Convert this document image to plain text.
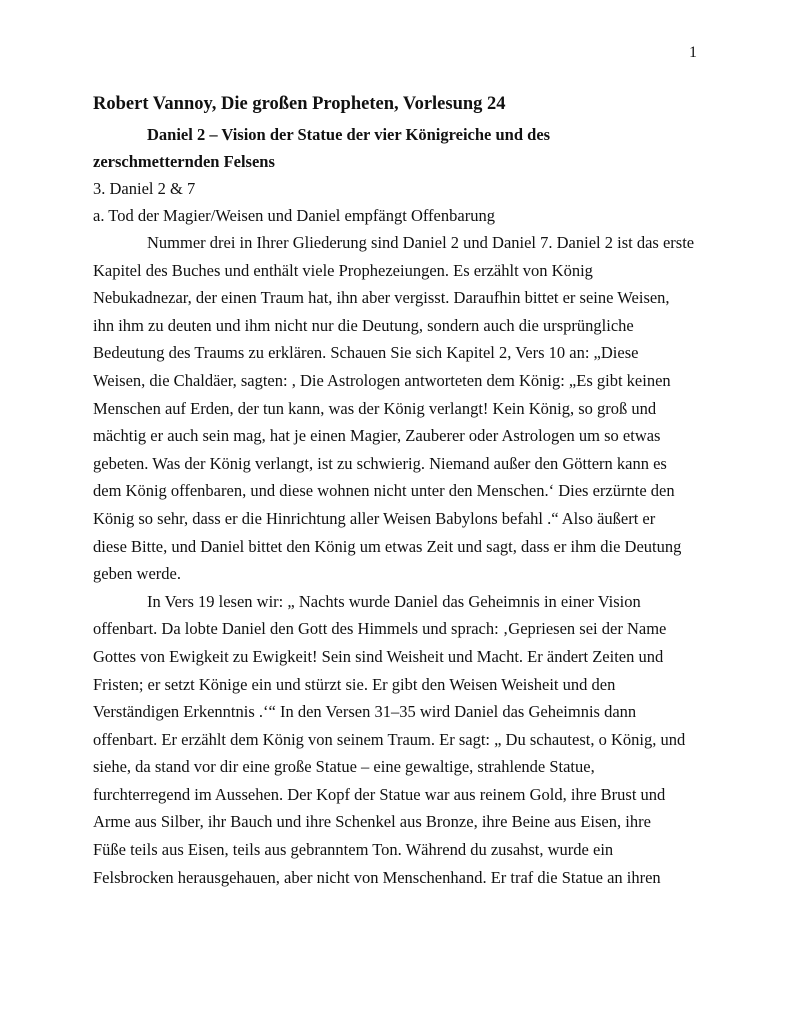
1
Robert Vannoy, Die großen Propheten, Vorlesung 24
Daniel 2 – Vision der Statue der vier Königreiche und des
zerschmetternden Felsens

3. Daniel 2 & 7

a. Tod der Magier/Weisen und Daniel empfängt Offenbarung

Nummer drei in Ihrer Gliederung sind Daniel 2 und Daniel 7. Daniel 2 ist das erste
Kapitel des Buches und enthält viele Prophezeiungen. Es erzählt von König
Nebukadnezar, der einen Traum hat, ihn aber vergisst. Daraufhin bittet er seine Weisen,
ihn ihm zu deuten und ihm nicht nur die Deutung, sondern auch die ursprüngliche
Bedeutung des Traums zu erklären. Schauen Sie sich Kapitel 2, Vers 10 an: „Diese
Weisen, die Chaldäer, sagten: , Die Astrologen antworteten dem König: „Es gibt keinen
Menschen auf Erden, der tun kann, was der König verlangt! Kein König, so groß und
mächtig er auch sein mag, hat je einen Magier, Zauberer oder Astrologen um so etwas
gebeten. Was der König verlangt, ist zu schwierig. Niemand außer den Göttern kann es
dem König offenbaren, und diese wohnen nicht unter den Menschen.‘ Dies erzürnte den
König so sehr, dass er die Hinrichtung aller Weisen Babylons befahl .“ Also äußert er
diese Bitte, und Daniel bittet den König um etwas Zeit und sagt, dass er ihm die Deutung
geben werde.
In Vers 19 lesen wir: „ Nachts wurde Daniel das Geheimnis in einer Vision
offenbart. Da lobte Daniel den Gott des Himmels und sprach: ‚Gepriesen sei der Name
Gottes von Ewigkeit zu Ewigkeit! Sein sind Weisheit und Macht. Er ändert Zeiten und
Fristen; er setzt Könige ein und stürzt sie. Er gibt den Weisen Weisheit und den
Verständigen Erkenntnis .‘“ In den Versen 31–35 wird Daniel das Geheimnis dann
offenbart. Er erzählt dem König von seinem Traum. Er sagt: „ Du schautest, o König, und
siehe, da stand vor dir eine große Statue – eine gewaltige, strahlende Statue,
furchterregend im Aussehen. Der Kopf der Statue war aus reinem Gold, ihre Brust und
Arme aus Silber, ihr Bauch und ihre Schenkel aus Bronze, ihre Beine aus Eisen, ihre
Füße teils aus Eisen, teils aus gebranntem Ton. Während du zusahst, wurde ein
Felsbrocken herausgehauen, aber nicht von Menschenhand. Er traf die Statue an ihren
